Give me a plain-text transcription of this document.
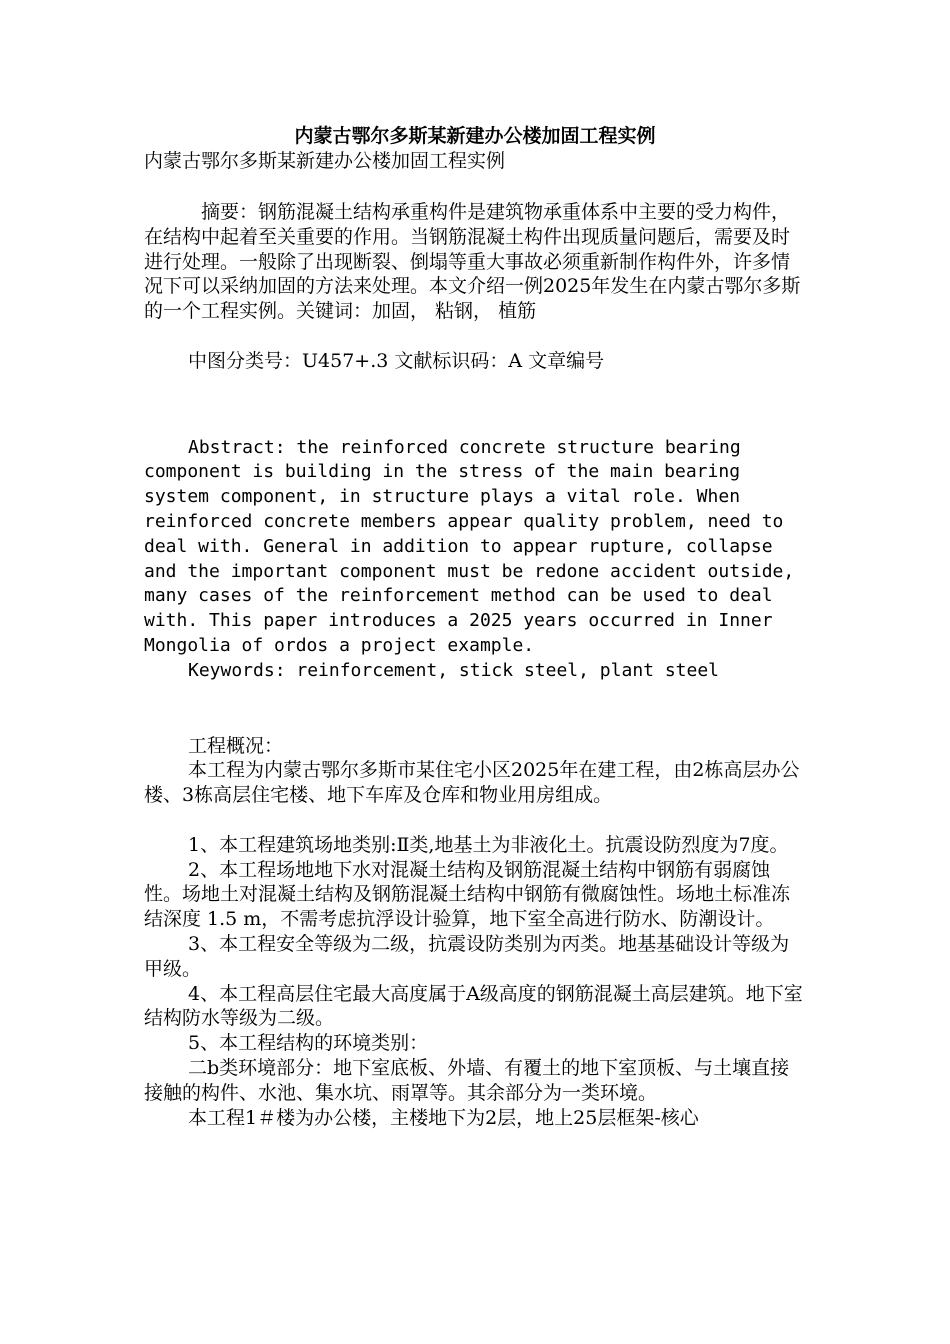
内蒙古鄂尔多斯某新建办公楼加固工程实例
内蒙古鄂尔多斯某新建办公楼加固工程实例

摘要：钢筋混凝土结构承重构件是建筑物承重体系中主要的受力构件，在结构中起着至关重要的作用。当钢筋混凝土构件出现质量问题后，需要及时进行处理。一般除了出现断裂、倒塌等重大事故必须重新制作构件外，许多情况下可以采纳加固的方法来处理。本文介绍一例2025年发生在内蒙古鄂尔多斯的一个工程实例。关键词：加固， 粘钢， 植筋

中图分类号：U457+.3 文献标识码：A 文章编号

Abstract: the reinforced concrete structure bearing component is building in the stress of the main bearing system component, in structure plays a vital role. When reinforced concrete members appear quality problem, need to deal with. General in addition to appear rupture, collapse and the important component must be redone accident outside, many cases of the reinforcement method can be used to deal with. This paper introduces a 2025 years occurred in Inner Mongolia of ordos a project example.

Keywords: reinforcement, stick steel, plant steel

工程概况：

本工程为内蒙古鄂尔多斯市某住宅小区2025年在建工程，由2栋高层办公楼、3栋高层住宅楼、地下车库及仓库和物业用房组成。

1、本工程建筑场地类别:Ⅱ类,地基土为非液化土。抗震设防烈度为7度。

2、本工程场地地下水对混凝土结构及钢筋混凝土结构中钢筋有弱腐蚀性。场地土对混凝土结构及钢筋混凝土结构中钢筋有微腐蚀性。场地土标准冻结深度 1.5 m，不需考虑抗浮设计验算，地下室全高进行防水、防潮设计。

3、本工程安全等级为二级，抗震设防类别为丙类。地基基础设计等级为甲级。

4、本工程高层住宅最大高度属于A级高度的钢筋混凝土高层建筑。地下室结构防水等级为二级。

5、本工程结构的环境类别：

二b类环境部分：地下室底板、外墙、有覆土的地下室顶板、与土壤直接接触的构件、水池、集水坑、雨罩等。其余部分为一类环境。

本工程1＃楼为办公楼，主楼地下为2层，地上25层框架-核心
